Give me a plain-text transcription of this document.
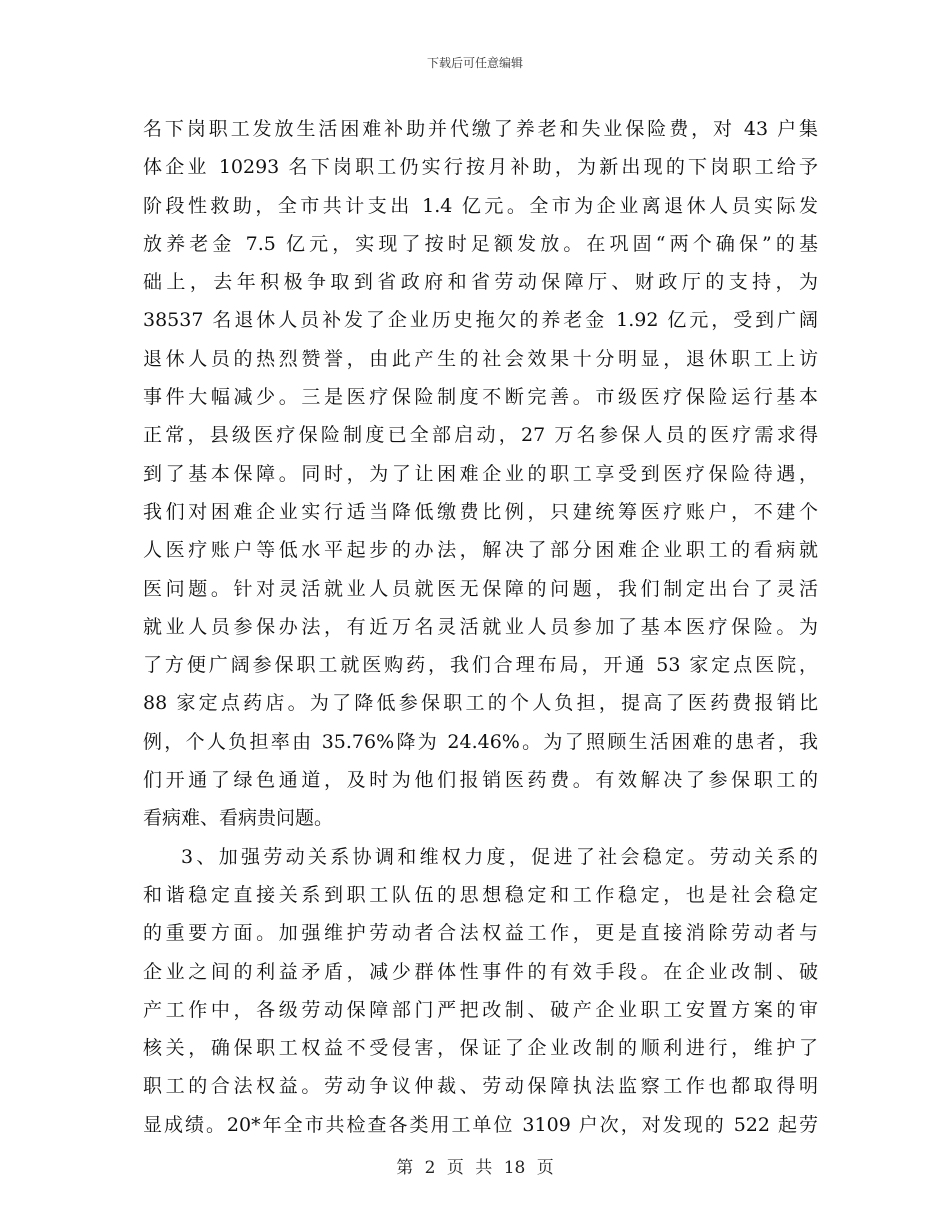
下载后可任意编辑
名下岗职工发放生活困难补助并代缴了养老和失业保险费，对 43 户集
体企业 10293 名下岗职工仍实行按月补助，为新出现的下岗职工给予
阶段性救助，全市共计支出 1.4 亿元。全市为企业离退休人员实际发
放养老金 7.5 亿元，实现了按时足额发放。在巩固“两个确保”的基
础上，去年积极争取到省政府和省劳动保障厅、财政厅的支持，为
38537 名退休人员补发了企业历史拖欠的养老金 1.92 亿元，受到广阔
退休人员的热烈赞誉，由此产生的社会效果十分明显，退休职工上访
事件大幅减少。三是医疗保险制度不断完善。市级医疗保险运行基本
正常，县级医疗保险制度已全部启动，27 万名参保人员的医疗需求得
到了基本保障。同时，为了让困难企业的职工享受到医疗保险待遇，
我们对困难企业实行适当降低缴费比例，只建统筹医疗账户，不建个
人医疗账户等低水平起步的办法，解决了部分困难企业职工的看病就
医问题。针对灵活就业人员就医无保障的问题，我们制定出台了灵活
就业人员参保办法，有近万名灵活就业人员参加了基本医疗保险。为
了方便广阔参保职工就医购药，我们合理布局，开通 53 家定点医院，
88 家定点药店。为了降低参保职工的个人负担，提高了医药费报销比
例，个人负担率由 35.76%降为 24.46%。为了照顾生活困难的患者，我
们开通了绿色通道，及时为他们报销医药费。有效解决了参保职工的
看病难、看病贵问题。
3、加强劳动关系协调和维权力度，促进了社会稳定。劳动关系的
和谐稳定直接关系到职工队伍的思想稳定和工作稳定，也是社会稳定
的重要方面。加强维护劳动者合法权益工作，更是直接消除劳动者与
企业之间的利益矛盾，减少群体性事件的有效手段。在企业改制、破
产工作中，各级劳动保障部门严把改制、破产企业职工安置方案的审
核关，确保职工权益不受侵害，保证了企业改制的顺利进行，维护了
职工的合法权益。劳动争议仲裁、劳动保障执法监察工作也都取得明
显成绩。20*年全市共检查各类用工单位 3109 户次，对发现的 522 起劳
第 2 页 共 18 页
